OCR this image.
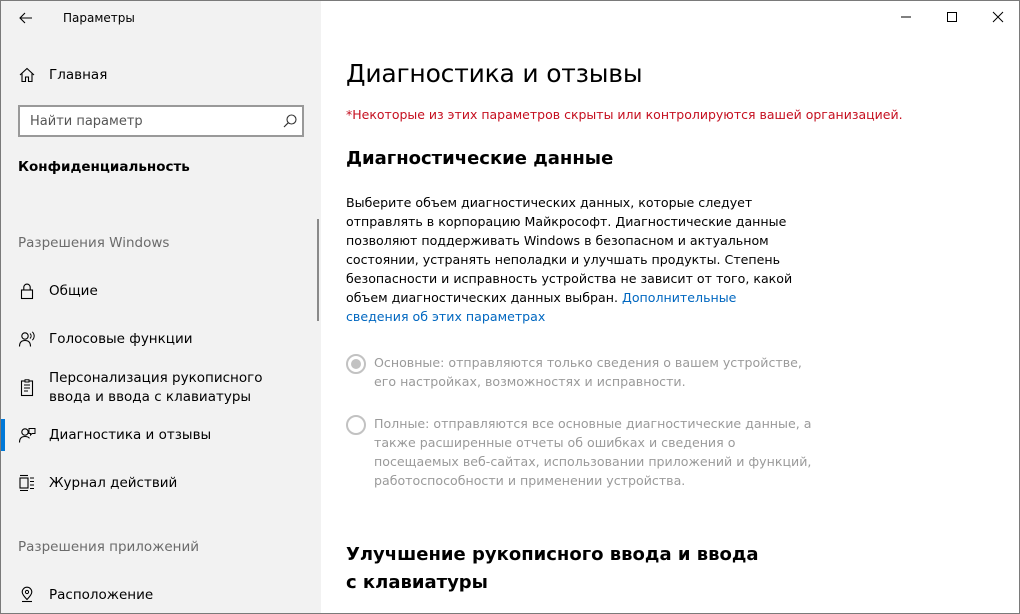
Параметры
Главная
Найти параметр
Конфиденциальность
Разрешения Windows
Общие
Голосовые функции
Персонализация рукописного ввода и ввода с клавиатуры
Диагностика и отзывы
Журнал действий
Разрешения приложений
Расположение
Диагностика и отзывы
*Некоторые из этих параметров скрыты или контролируются вашей организацией.
Диагностические данные

Выберите объем диагностических данных, которые следует отправлять в корпорацию Майкрософт. Диагностические данные позволяют поддерживать Windows в безопасном и актуальном состоянии, устранять неполадки и улучшать продукты. Степень безопасности и исправность устройства не зависит от того, какой объем диагностических данных выбран. Дополнительные сведения об этих параметрах

Основные: отправляются только сведения о вашем устройстве, его настройках, возможностях и исправности.
Полные: отправляются все основные диагностические данные, а также расширенные отчеты об ошибках и сведения о посещаемых веб-сайтах, использовании приложений и функций, работоспособности и применении устройства.
Улучшение рукописного ввода и ввода с клавиатуры
